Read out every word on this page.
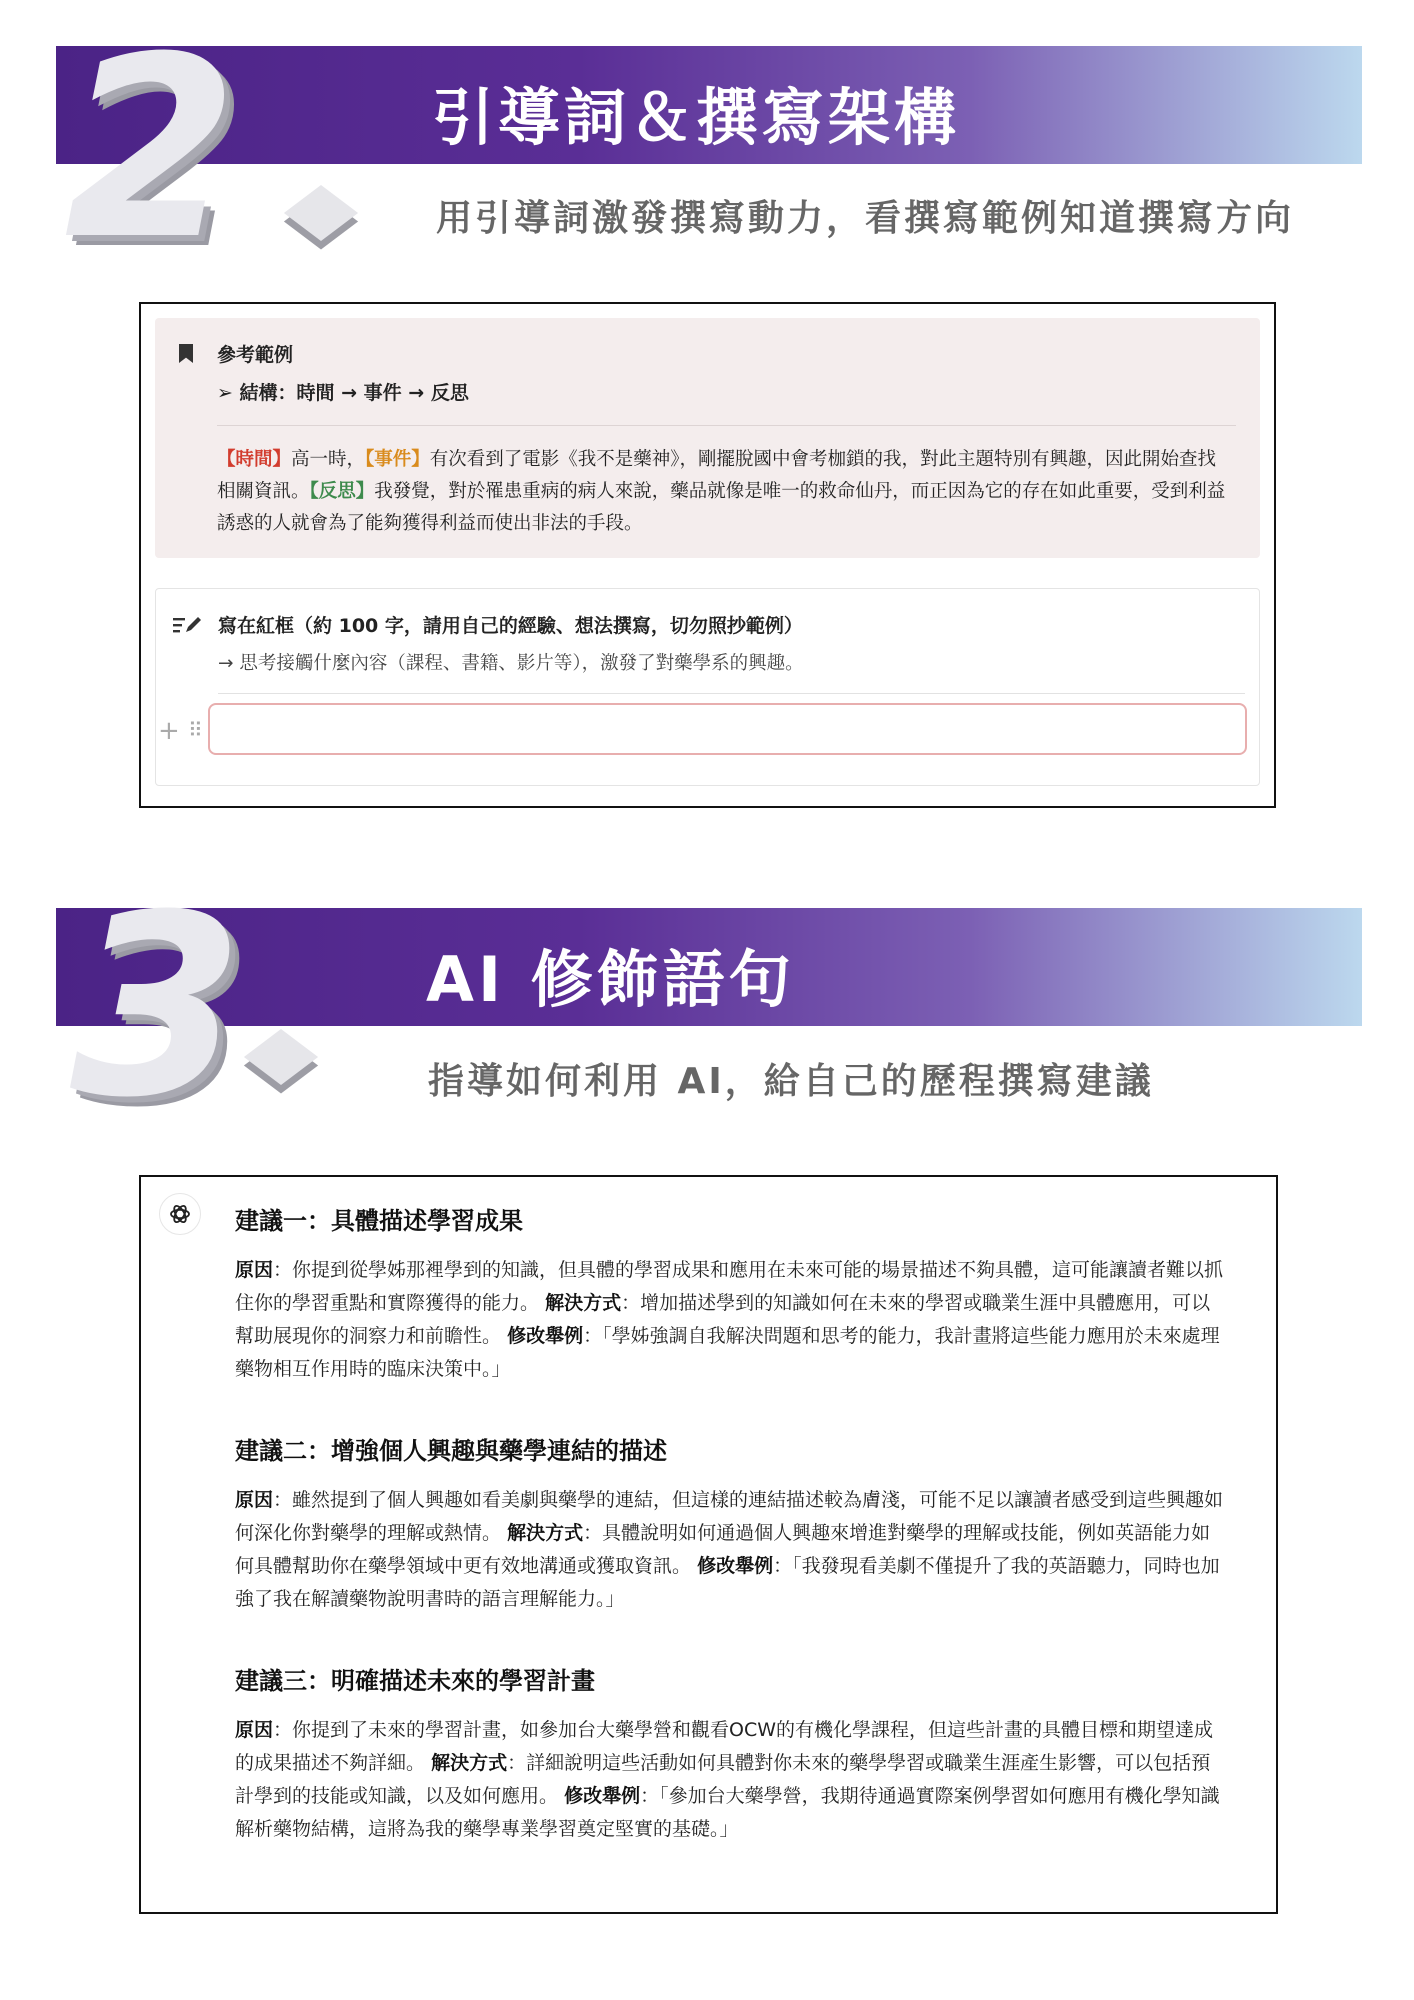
2	引導詞＆撰寫架構
用引導詞激發撰寫動力，看撰寫範例知道撰寫方向
參考範例
➢ 結構：時間 → 事件 → 反思
【時間】高一時，【事件】有次看到了電影《我不是藥神》，剛擺脫國中會考枷鎖的我，對此主題特別有興趣，因此開始查找相關資訊。【反思】我發覺，對於罹患重病的病人來說，藥品就像是唯一的救命仙丹，而正因為它的存在如此重要，受到利益誘惑的人就會為了能夠獲得利益而使出非法的手段。
寫在紅框（約 100 字，請用自己的經驗、想法撰寫，切勿照抄範例）
→ 思考接觸什麼內容（課程、書籍、影片等），激發了對藥學系的興趣。
+ ⠿
3	AI 修飾語句
指導如何利用 AI，給自己的歷程撰寫建議
建議一：具體描述學習成果

原因：你提到從學姊那裡學到的知識，但具體的學習成果和應用在未來可能的場景描述不夠具體，這可能讓讀者難以抓住你的學習重點和實際獲得的能力。 解決方式：增加描述學到的知識如何在未來的學習或職業生涯中具體應用，可以幫助展現你的洞察力和前瞻性。 修改舉例：「學姊強調自我解決問題和思考的能力，我計畫將這些能力應用於未來處理藥物相互作用時的臨床決策中。」

建議二：增強個人興趣與藥學連結的描述

原因：雖然提到了個人興趣如看美劇與藥學的連結，但這樣的連結描述較為膚淺，可能不足以讓讀者感受到這些興趣如何深化你對藥學的理解或熱情。 解決方式：具體說明如何通過個人興趣來增進對藥學的理解或技能，例如英語能力如何具體幫助你在藥學領域中更有效地溝通或獲取資訊。 修改舉例：「我發現看美劇不僅提升了我的英語聽力，同時也加強了我在解讀藥物說明書時的語言理解能力。」

建議三：明確描述未來的學習計畫

原因：你提到了未來的學習計畫，如參加台大藥學營和觀看OCW的有機化學課程，但這些計畫的具體目標和期望達成的成果描述不夠詳細。 解決方式：詳細說明這些活動如何具體對你未來的藥學學習或職業生涯產生影響，可以包括預計學到的技能或知識，以及如何應用。 修改舉例：「參加台大藥學營，我期待通過實際案例學習如何應用有機化學知識解析藥物結構，這將為我的藥學專業學習奠定堅實的基礎。」
